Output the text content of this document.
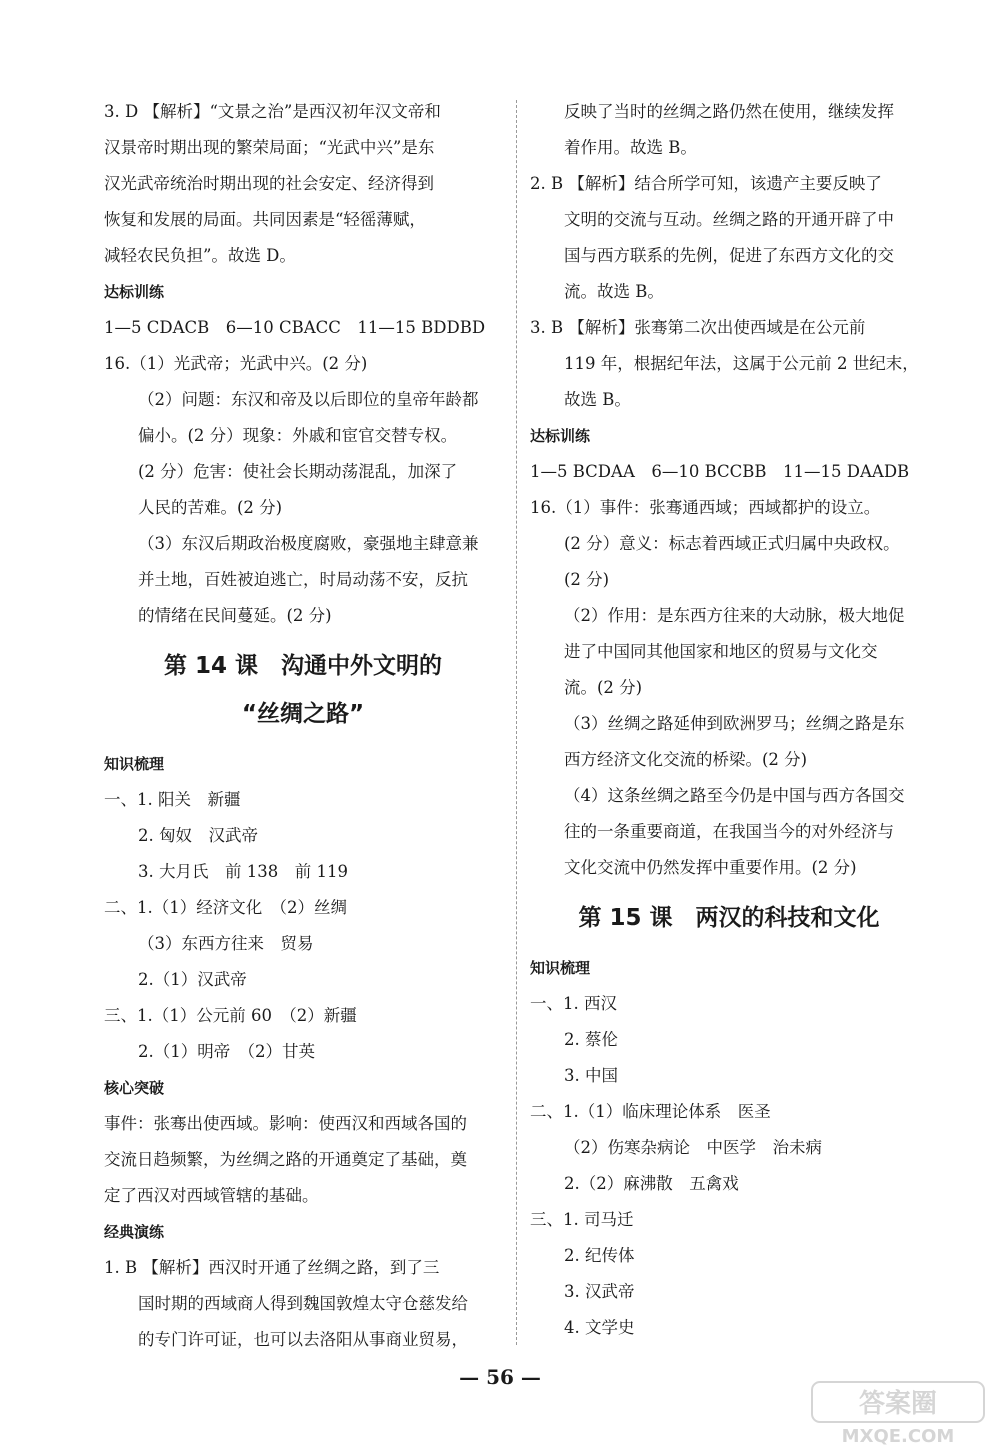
3. D 【解析】“文景之治”是西汉初年汉文帝和
汉景帝时期出现的繁荣局面；“光武中兴”是东
汉光武帝统治时期出现的社会安定、经济得到
恢复和发展的局面。共同因素是“轻徭薄赋，
减轻农民负担”。故选 D。
达标训练
1—5 CDACB　6—10 CBACC　11—15 BDDBD
16.（1）光武帝；光武中兴。(2 分)
（2）问题：东汉和帝及以后即位的皇帝年龄都
偏小。(2 分）现象：外戚和宦官交替专权。
(2 分）危害：使社会长期动荡混乱，加深了
人民的苦难。(2 分)
（3）东汉后期政治极度腐败，豪强地主肆意兼
并土地，百姓被迫逃亡，时局动荡不安，反抗
的情绪在民间蔓延。(2 分)
第 14 课　沟通中外文明的
“丝绸之路”
知识梳理
一、1. 阳关　新疆
2. 匈奴　汉武帝
3. 大月氏　前 138　前 119
二、1.（1）经济文化　（2）丝绸
（3）东西方往来　贸易
2.（1）汉武帝
三、1.（1）公元前 60　（2）新疆
2.（1）明帝　（2）甘英
核心突破
事件：张骞出使西域。影响：使西汉和西域各国的
交流日趋频繁，为丝绸之路的开通奠定了基础，奠
定了西汉对西域管辖的基础。
经典演练
1. B 【解析】西汉时开通了丝绸之路，到了三
国时期的西域商人得到魏国敦煌太守仓慈发给
的专门许可证，也可以去洛阳从事商业贸易，
反映了当时的丝绸之路仍然在使用，继续发挥
着作用。故选 B。
2. B 【解析】结合所学可知，该遗产主要反映了
文明的交流与互动。丝绸之路的开通开辟了中
国与西方联系的先例，促进了东西方文化的交
流。故选 B。
3. B 【解析】张骞第二次出使西域是在公元前
119 年，根据纪年法，这属于公元前 2 世纪末，
故选 B。
达标训练
1—5 BCDAA　6—10 BCCBB　11—15 DAADB
16.（1）事件：张骞通西域；西域都护的设立。
(2 分）意义：标志着西域正式归属中央政权。
(2 分)
（2）作用：是东西方往来的大动脉，极大地促
进了中国同其他国家和地区的贸易与文化交
流。(2 分)
（3）丝绸之路延伸到欧洲罗马；丝绸之路是东
西方经济文化交流的桥梁。(2 分)
（4）这条丝绸之路至今仍是中国与西方各国交
往的一条重要商道，在我国当今的对外经济与
文化交流中仍然发挥中重要作用。(2 分)
第 15 课　两汉的科技和文化
知识梳理
一、1. 西汉
2. 蔡伦
3. 中国
二、1.（1）临床理论体系　医圣
（2）伤寒杂病论　中医学　治未病
2.（2）麻沸散　五禽戏
三、1. 司马迁
2. 纪传体
3. 汉武帝
4. 文学史
— 56 —
答案圈
MXQE.COM
